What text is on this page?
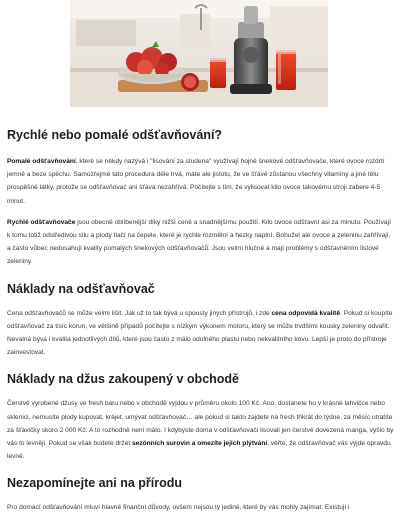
Rychlé nebo pomalé odšťavňování?

Pomalé odšťavňování, které se někdy nazývá i "lisování za studena" využívají hojně šnekové odšťavňovače, které ovoce rozdrtí jemně a beze spěchu. Samozřejmě tato procedura déle trvá, máte ale jistotu, že ve šťávě zůstanou všechny vitamíny a jiné tělu prospěšné látky, protože se odšťavňovač ani šťáva nezahřívá. Počítejte s tím, že vylisovat kilo ovoce takovému stroji zabere 4-5 minut.

Rychlé odšťavňovače jsou obecně oblíbenější díky nižší ceně a snadnějšímu použití. Kilo ovoce odšťavní asi za minutu. Používají k tomu totiž odstředivou sílu a plody tlačí na čepele, které je rychle rozmělní a hezky naplní. Bohužel ale ovoce a zeleninu zahřívají, a často vůbec nedosahují kvality pomalých šnekových odšťavňovačů. Jsou velmi hlučné a mají problémy s odšťavněním listové zeleniny.

Náklady na odšťavňovač

Cena odšťavňovačů se může velmi lišit. Jak už to tak bývá u spousty jiných přístrojů, i zde cena odpovídá kvalitě. Pokud si koupíte odšťavňovač za tisíc korun, ve většině případů počítejte s nízkým výkonem motoru, který se může trvdšími kousky zeleniny odvařit. Nevalná bývá i kvalita jednotlivých dílů, které jsou často z málo odolného plastu nebo nekvalitního kovu. Lepší je proto do přístroje zainvestovat.

Náklady na džus zakoupený v obchodě

Čerstvě vyrobené džusy ve fresh baru nebo v obchodě vyjdou v průměru okolo 100 Kč. Ano, dostanete ho v krásné lahvičce nebo sklenici, nemusíte plody kupovat, krájet, umývat odšťavňovač… ale pokud si takto zajdete na fresh třikrát do týdne, za měsíc utratíte za šťávičky skoro 2 000 Kč. A to rozhodně není málo. I kdybyste doma v odšťavňovači lisovali jen čerstvé dovezená manga, vyšlo by vás to levněji. Pokud se však budete držet sezónních surovin a omezíte jejich plýtvání, věřte, že odšťavňovač vás vyjde opravdu levně.

Nezapomínejte ani na přírodu

Pro domácí odšťavňování mluví hlavně finanční důvody, ovšem nejsou ty jediné, které by vás mohly zajímat. Existují i
